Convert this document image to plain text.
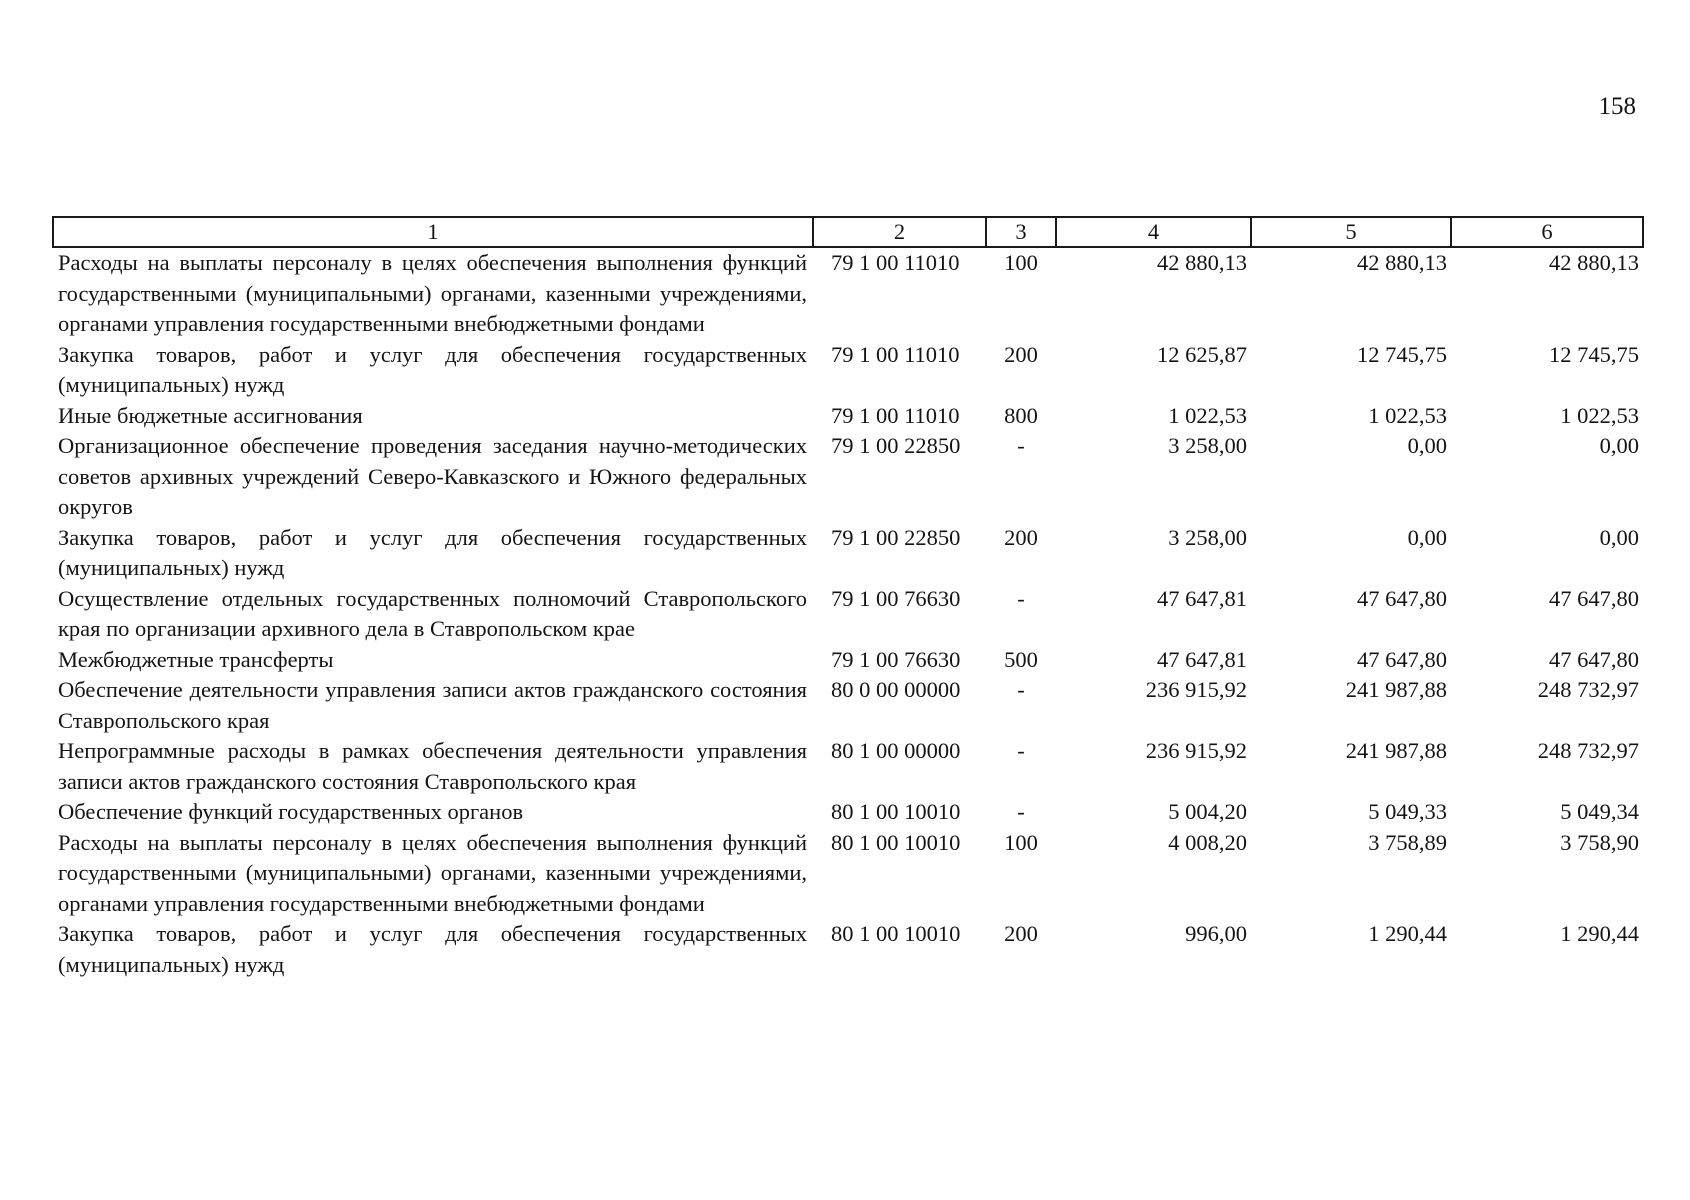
158
1	2	3	4	5	6
Расходы на выплаты персоналу в целях обеспечения выполнения функций государственными (муниципальными) органами, казенными учреждениями, органами управления государственными внебюджетными фондами	79 1 00 11010	100	42 880,13	42 880,13	42 880,13
Закупка товаров, работ и услуг для обеспечения государственных (муниципальных) нужд	79 1 00 11010	200	12 625,87	12 745,75	12 745,75
Иные бюджетные ассигнования	79 1 00 11010	800	1 022,53	1 022,53	1 022,53
Организационное обеспечение проведения заседания научно-методических советов архивных учреждений Северо-Кавказского и Южного федеральных округов	79 1 00 22850	-	3 258,00	0,00	0,00
Закупка товаров, работ и услуг для обеспечения государственных (муниципальных) нужд	79 1 00 22850	200	3 258,00	0,00	0,00
Осуществление отдельных государственных полномочий Ставропольского края по организации архивного дела в Ставропольском крае	79 1 00 76630	-	47 647,81	47 647,80	47 647,80
Межбюджетные трансферты	79 1 00 76630	500	47 647,81	47 647,80	47 647,80
Обеспечение деятельности управления записи актов гражданского состояния Ставропольского края	80 0 00 00000	-	236 915,92	241 987,88	248 732,97
Непрограммные расходы в рамках обеспечения деятельности управления записи актов гражданского состояния Ставропольского края	80 1 00 00000	-	236 915,92	241 987,88	248 732,97
Обеспечение функций государственных органов	80 1 00 10010	-	5 004,20	5 049,33	5 049,34
Расходы на выплаты персоналу в целях обеспечения выполнения функций государственными (муниципальными) органами, казенными учреждениями, органами управления государственными внебюджетными фондами	80 1 00 10010	100	4 008,20	3 758,89	3 758,90
Закупка товаров, работ и услуг для обеспечения государственных (муниципальных) нужд	80 1 00 10010	200	996,00	1 290,44	1 290,44
